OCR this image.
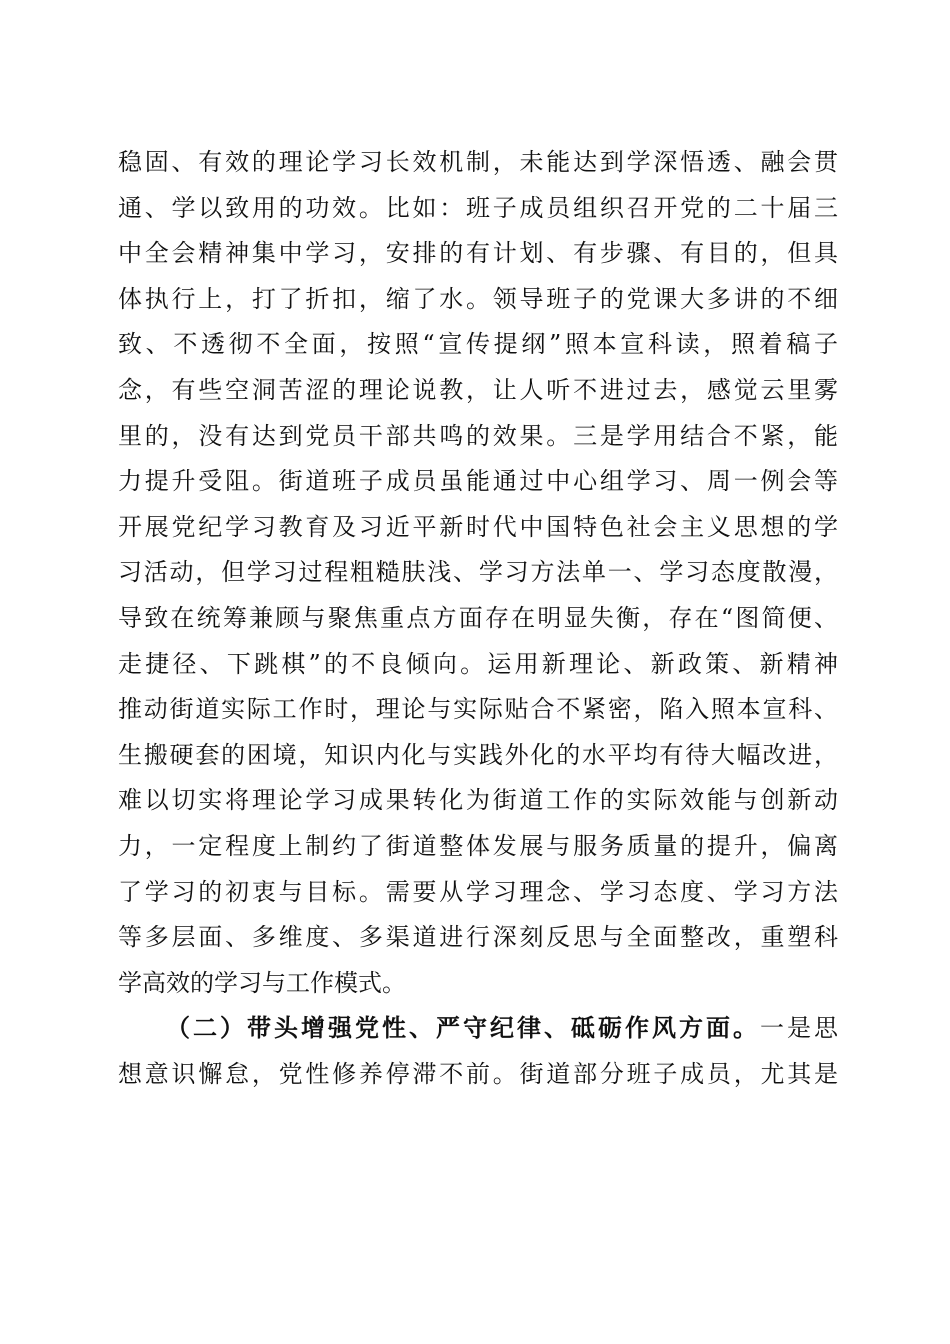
稳固、有效的理论学习长效机制，未能达到学深悟透、融会贯
通、学以致用的功效。比如：班子成员组织召开党的二十届三
中全会精神集中学习，安排的有计划、有步骤、有目的，但具
体执行上，打了折扣，缩了水。领导班子的党课大多讲的不细
致、不透彻不全面，按照“宣传提纲”照本宣科读，照着稿子
念，有些空洞苦涩的理论说教，让人听不进过去，感觉云里雾
里的，没有达到党员干部共鸣的效果。三是学用结合不紧，能
力提升受阻。街道班子成员虽能通过中心组学习、周一例会等
开展党纪学习教育及习近平新时代中国特色社会主义思想的学
习活动，但学习过程粗糙肤浅、学习方法单一、学习态度散漫，
导致在统筹兼顾与聚焦重点方面存在明显失衡，存在“图简便、
走捷径、下跳棋”的不良倾向。运用新理论、新政策、新精神
推动街道实际工作时，理论与实际贴合不紧密，陷入照本宣科、
生搬硬套的困境，知识内化与实践外化的水平均有待大幅改进，
难以切实将理论学习成果转化为街道工作的实际效能与创新动
力，一定程度上制约了街道整体发展与服务质量的提升，偏离
了学习的初衷与目标。需要从学习理念、学习态度、学习方法
等多层面、多维度、多渠道进行深刻反思与全面整改，重塑科
学高效的学习与工作模式。
（二）带头增强党性、严守纪律、砥砺作风方面。一是思
想意识懈怠，党性修养停滞不前。街道部分班子成员，尤其是
